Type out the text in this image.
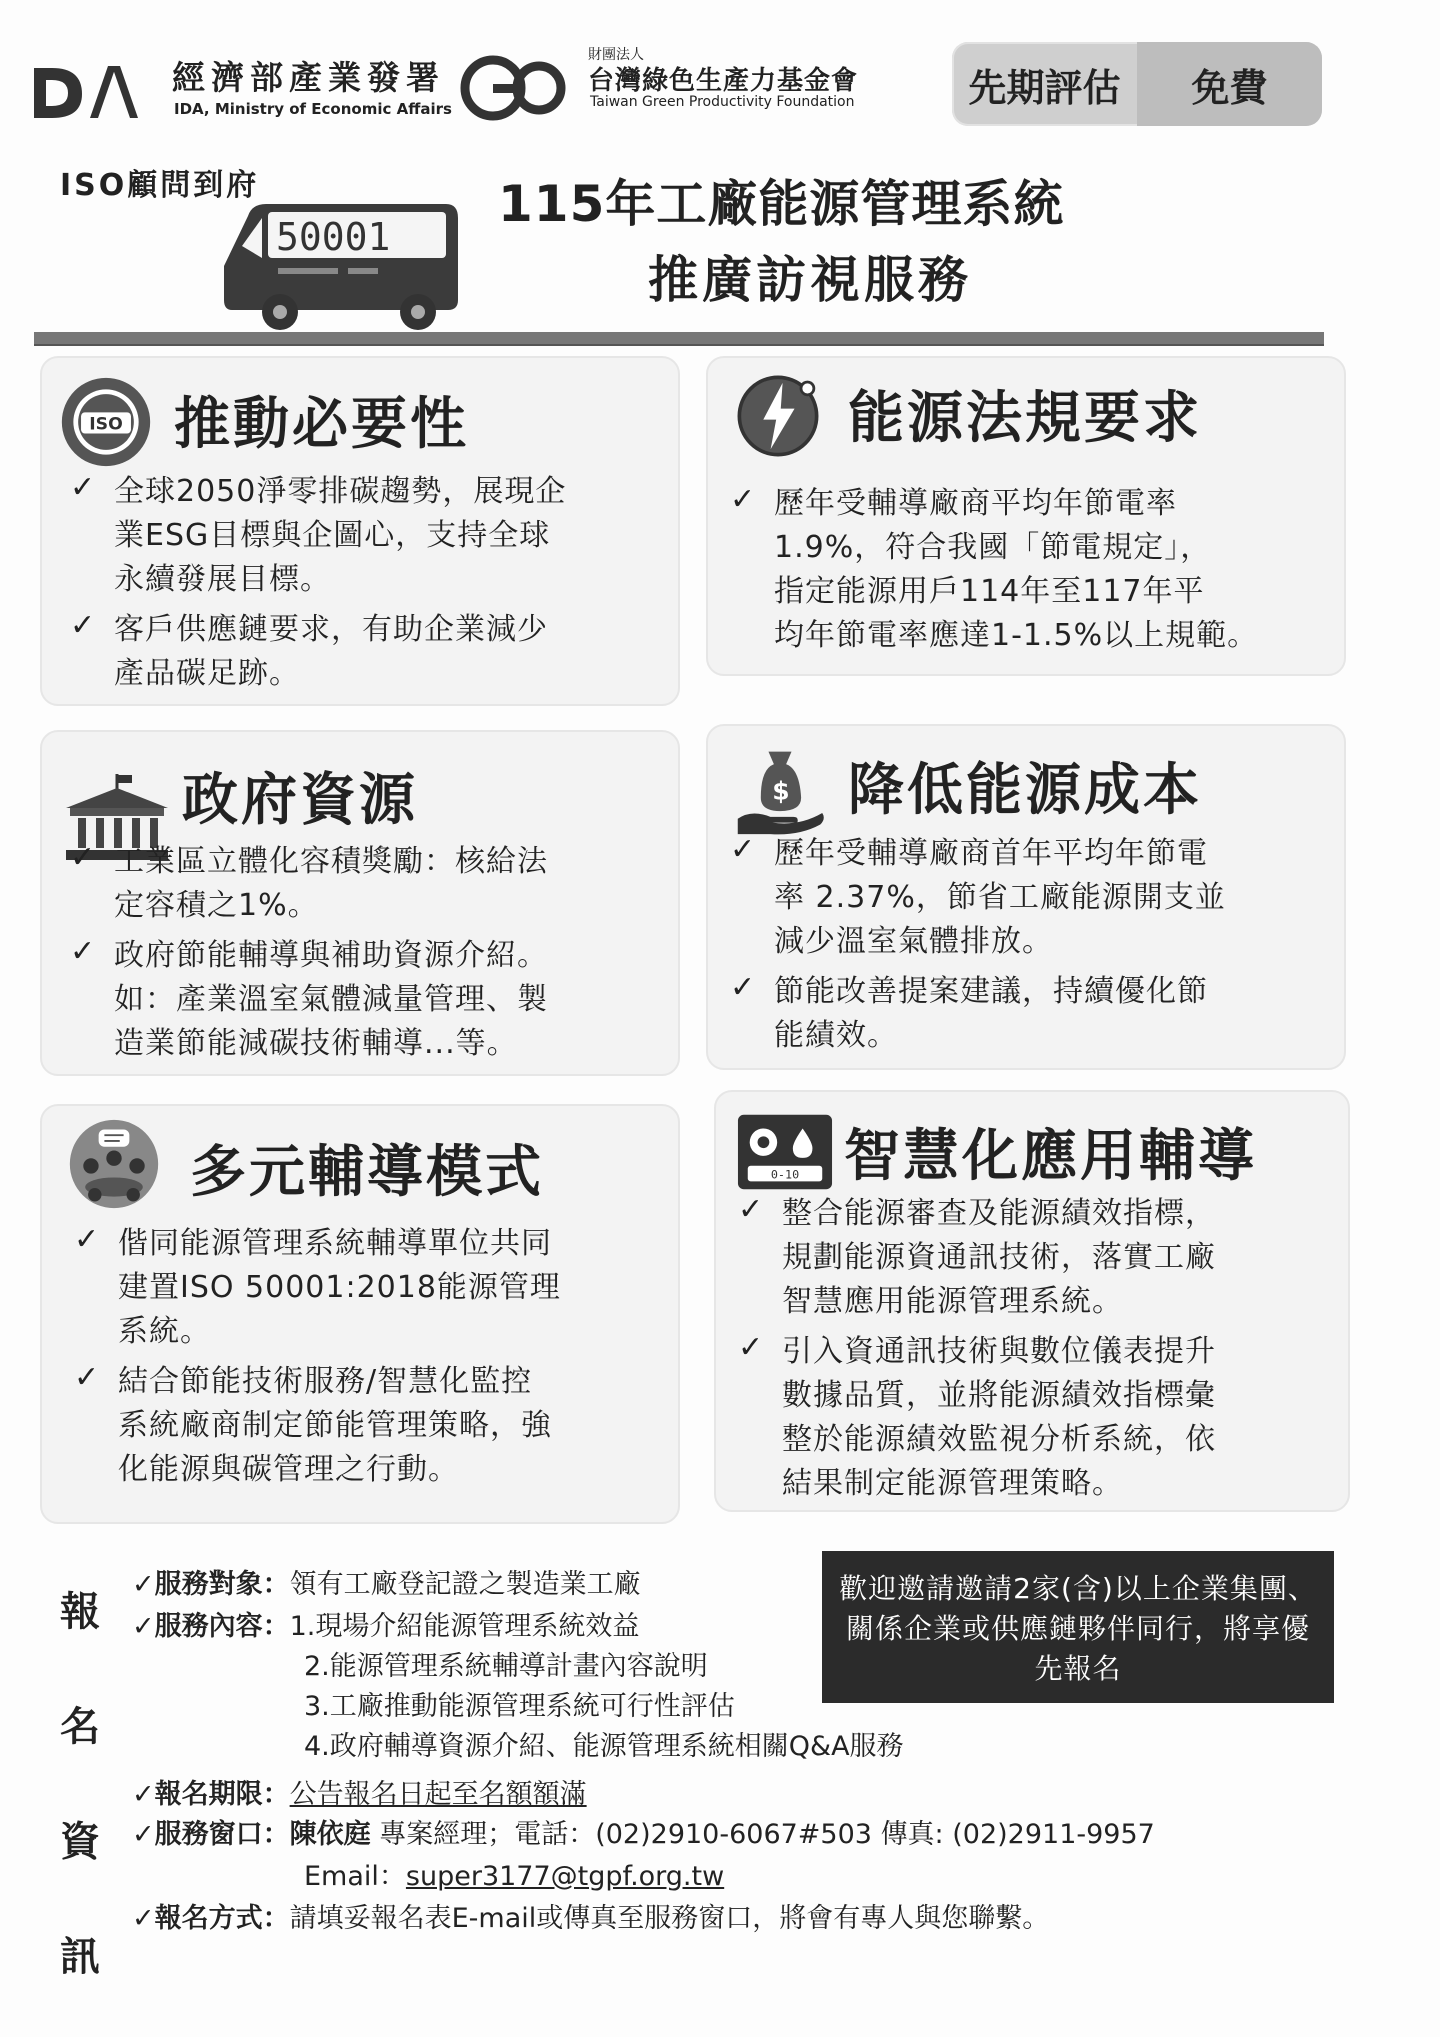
經濟部產業發署
IDA, Ministry of Economic Affairs
財團法人
台灣綠色生產力基金會
Taiwan Green Productivity Foundation	先期評估	免費
ISO顧問到府
50001
115年工廠能源管理系統
推廣訪視服務
ISO 推動必要性
✓ 全球2050淨零排碳趨勢，展現企
業ESG目標與企圖心，支持全球
永續發展目標。
✓ 客戶供應鏈要求，有助企業減少
產品碳足跡。
能源法規要求
✓ 歷年受輔導廠商平均年節電率
1.9%，符合我國「節電規定」，
指定能源用戶114年至117年平
均年節電率應達1-1.5%以上規範。
政府資源
✓ 工業區立體化容積獎勵：核給法
定容積之1%。
✓ 政府節能輔導與補助資源介紹。
如：產業溫室氣體減量管理、製
造業節能減碳技術輔導...等。
$ 降低能源成本
✓ 歷年受輔導廠商首年平均年節電
率 2.37%，節省工廠能源開支並
減少溫室氣體排放。
✓ 節能改善提案建議，持續優化節
能績效。
多元輔導模式
✓ 偕同能源管理系統輔導單位共同
建置ISO 50001:2018能源管理
系統。
✓ 結合節能技術服務/智慧化監控
系統廠商制定節能管理策略，強
化能源與碳管理之行動。
0-10 智慧化應用輔導
✓ 整合能源審查及能源績效指標，
規劃能源資通訊技術，落實工廠
智慧應用能源管理系統。
✓ 引入資通訊技術與數位儀表提升
數據品質，並將能源績效指標彙
整於能源績效監視分析系統，依
結果制定能源管理策略。
報
名
資
訊
✓服務對象：領有工廠登記證之製造業工廠
✓服務內容：1.現場介紹能源管理系統效益
2.能源管理系統輔導計畫內容說明
3.工廠推動能源管理系統可行性評估
4.政府輔導資源介紹、能源管理系統相關Q&A服務
✓報名期限：公告報名日起至名額額滿
✓服務窗口：陳依庭 專案經理；電話：(02)2910-6067#503 傳真: (02)2911-9957
Email：super3177@tgpf.org.tw
✓報名方式：請填妥報名表E-mail或傳真至服務窗口，將會有專人與您聯繫。
歡迎邀請邀請2家(含)以上企業集團、關係企業或供應鏈夥伴同行，將享優先報名
